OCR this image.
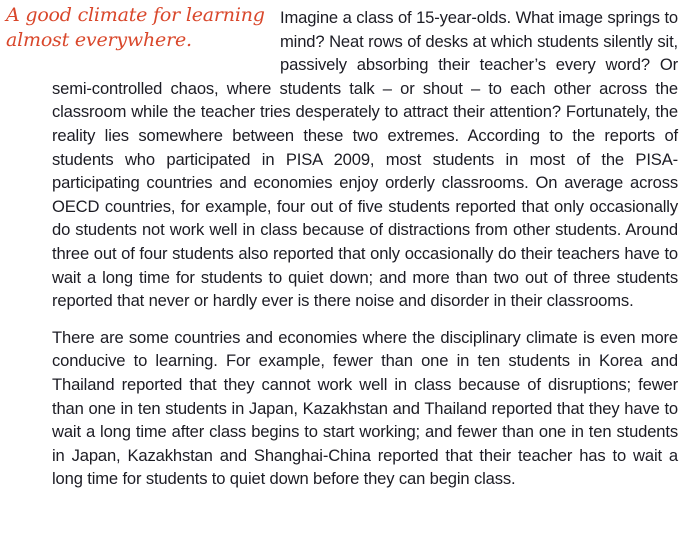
A good climate for learning almost everywhere.

Imagine a class of 15-year-olds. What image springs to mind? Neat rows of desks at which students silently sit, passively absorbing their teacher’s every word? Or semi-controlled chaos, where students talk – or shout – to each other across the classroom while the teacher tries desperately to attract their attention? Fortunately, the reality lies somewhere between these two extremes. According to the reports of students who participated in PISA 2009, most students in most of the PISA-participating countries and economies enjoy orderly classrooms. On average across OECD countries, for example, four out of five students reported that only occasionally do students not work well in class because of distractions from other students. Around three out of four students also reported that only occasionally do their teachers have to wait a long time for students to quiet down; and more than two out of three students reported that never or hardly ever is there noise and disorder in their classrooms.

There are some countries and economies where the disciplinary climate is even more conducive to learning. For example, fewer than one in ten students in Korea and Thailand reported that they cannot work well in class because of disruptions; fewer than one in ten students in Japan, Kazakhstan and Thailand reported that they have to wait a long time after class begins to start working; and fewer than one in ten students in Japan, Kazakhstan and Shanghai-China reported that their teacher has to wait a long time for students to quiet down before they can begin class.
